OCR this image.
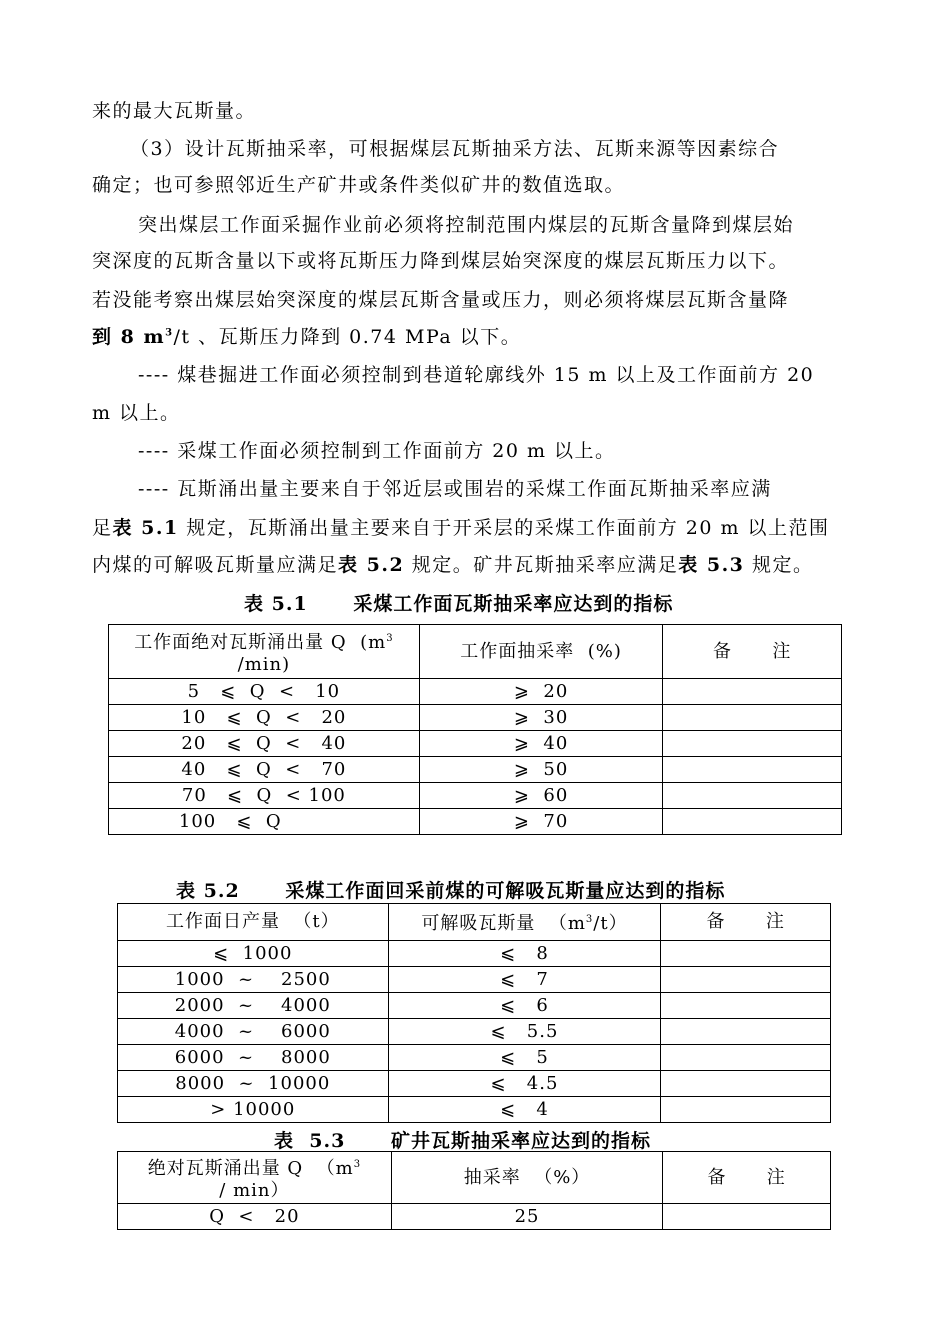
来的最大瓦斯量。
（3）设计瓦斯抽采率，可根据煤层瓦斯抽采方法、瓦斯来源等因素综合
确定；也可参照邻近生产矿井或条件类似矿井的数值选取。
突出煤层工作面采掘作业前必须将控制范围内煤层的瓦斯含量降到煤层始
突深度的瓦斯含量以下或将瓦斯压力降到煤层始突深度的煤层瓦斯压力以下。
若没能考察出煤层始突深度的煤层瓦斯含量或压力，则必须将煤层瓦斯含量降
到 8 $m^3/t$ 、瓦斯压力降到 0.74 MPa 以下。
---- 煤巷掘进工作面必须控制到巷道轮廓线外 15 m 以上及工作面前方 20
m 以上。
---- 采煤工作面必须控制到工作面前方 20 m 以上。
---- 瓦斯涌出量主要来自于邻近层或围岩的采煤工作面瓦斯抽采率应满
足表 5.1 规定，瓦斯涌出量主要来自于开采层的采煤工作面前方 20 m 以上范围
内煤的可解吸瓦斯量应满足表 5.2 规定。矿井瓦斯抽采率应满足表 5.3 规定。
表 5.1      采煤工作面瓦斯抽采率应达到的指标
工作面绝对瓦斯涌出量 Q  ($m^3$
/min)	工作面抽采率  (%)	备      注
5   ⩽  Q  <   10	⩾  20	
10   ⩽  Q  <   20	⩾  30	
20   ⩽  Q  <   40	⩾  40	
40   ⩽  Q  <   70	⩾  50	
70   ⩽  Q  < 100	⩾  60	
100   ⩽  Q	⩾  70	
表 5.2      采煤工作面回采前煤的可解吸瓦斯量应达到的指标
工作面日产量  （t）	可解吸瓦斯量  $(m^3/t)$	备      注
⩽  1000	⩽   8	
1000  ~    2500	⩽   7	
2000  ~    4000	⩽   6	
4000  ~    6000	⩽   5.5	
6000  ~    8000	⩽   5	
8000  ~  10000	⩽   4.5	
> 10000	⩽   4	
表  5.3      矿井瓦斯抽采率应达到的指标
绝对瓦斯涌出量 Q  （$m^3$
/ min）	抽采率  （%）	备      注
Q  <   20	25	
